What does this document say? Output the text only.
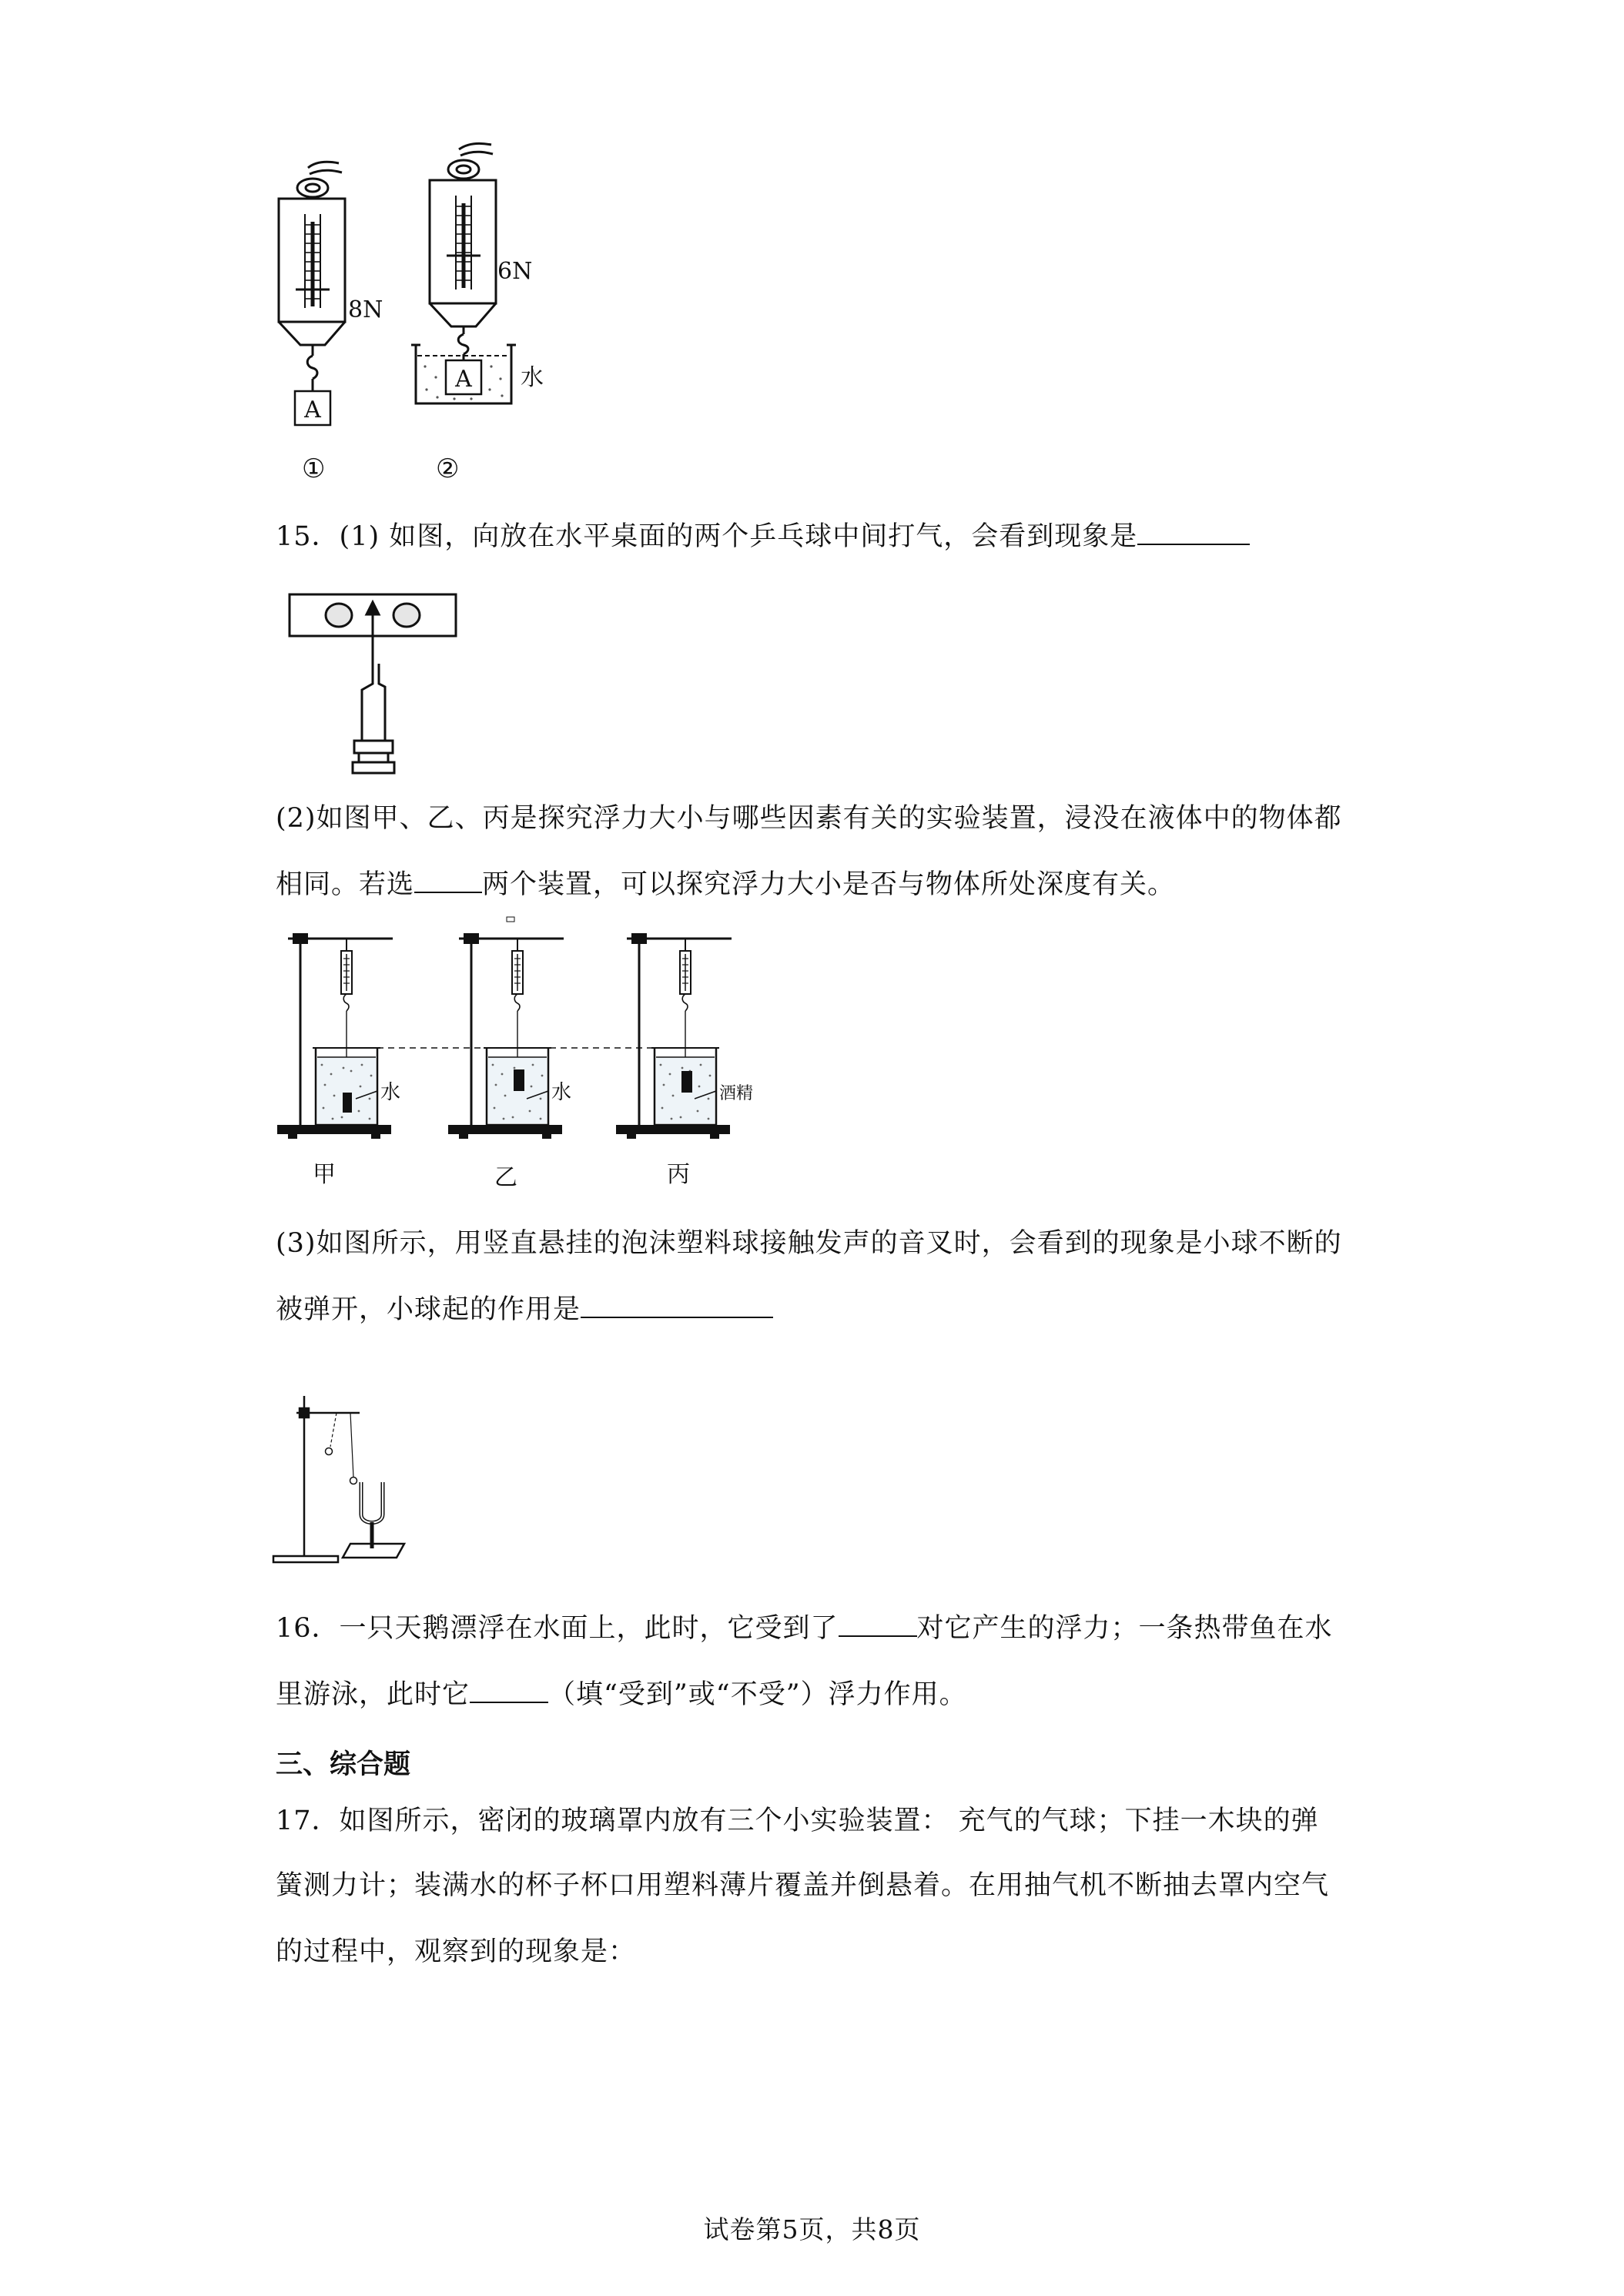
A
8N
①
A
6N
水
②
15．(1) 如图，向放在水平桌面的两个乒乓球中间打气，会看到现象是
(2)如图甲、乙、丙是探究浮力大小与哪些因素有关的实验装置，浸没在液体中的物体都
相同。若选	两个装置，可以探究浮力大小是否与物体所处深度有关。
水	水	酒精
甲	乙	丙
(3)如图所示，用竖直悬挂的泡沫塑料球接触发声的音叉时，会看到的现象是小球不断的
被弹开，小球起的作用是
16．一只天鹅漂浮在水面上，此时，它受到了	对它产生的浮力；一条热带鱼在水
里游泳，此时它	（填“受到”或“不受”）浮力作用。
三、综合题
17．如图所示，密闭的玻璃罩内放有三个小实验装置： 充气的气球；下挂一木块的弹
簧测力计；装满水的杯子杯口用塑料薄片覆盖并倒悬着。在用抽气机不断抽去罩内空气
的过程中，观察到的现象是：
试卷第5页，共8页
